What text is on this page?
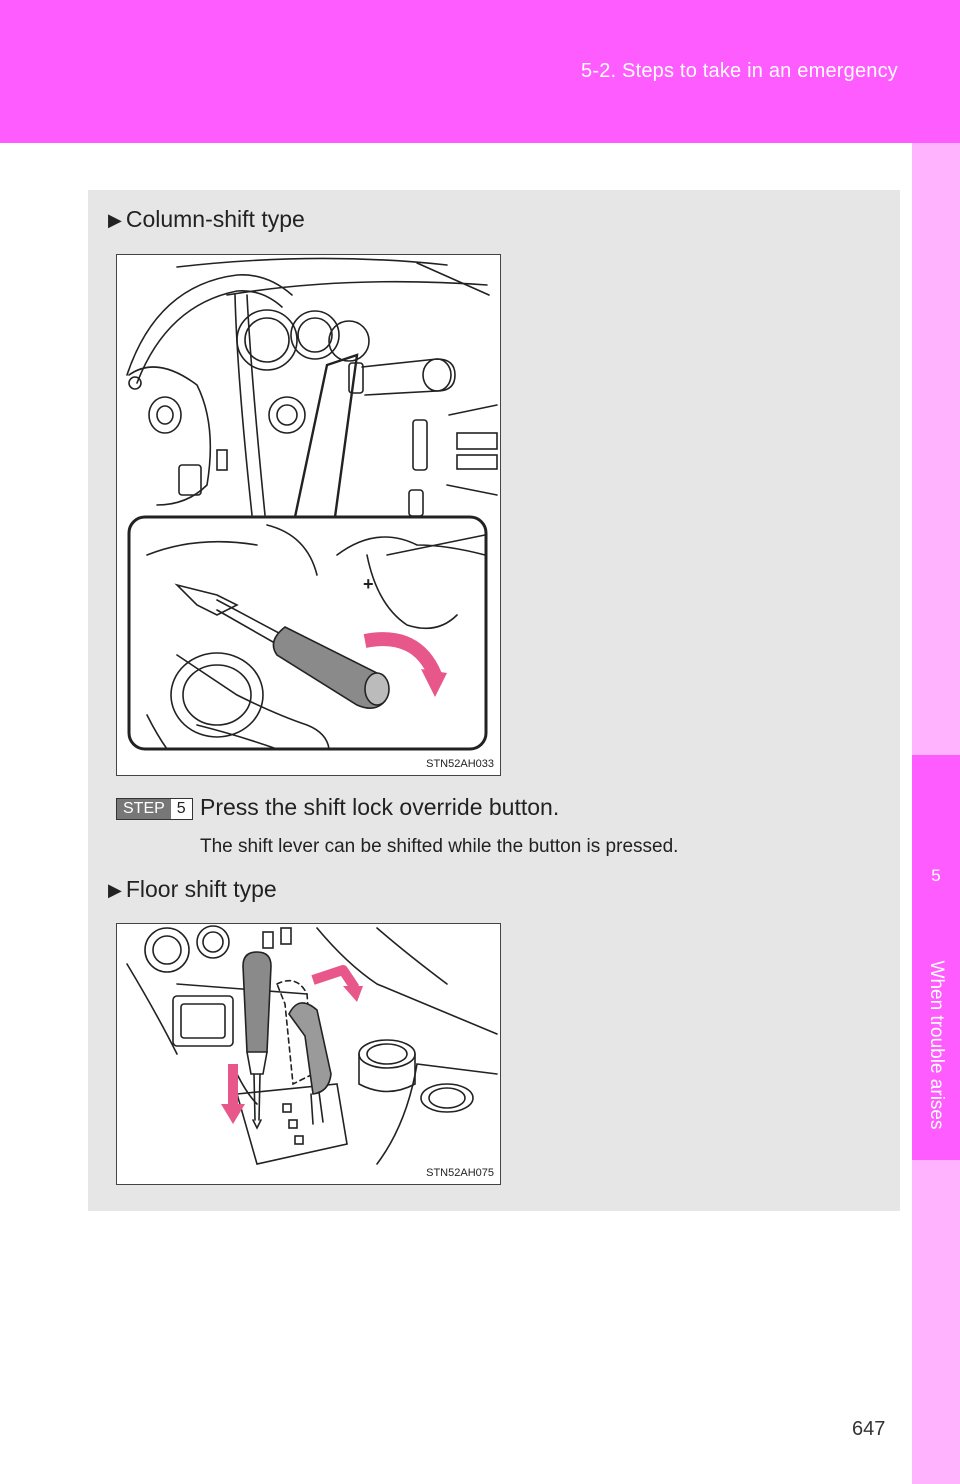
5-2. Steps to take in an emergency
5
When trouble arises
▶ Column-shift type
+
−
STN52AH033
STEP 5 Press the shift lock override button.
The shift lever can be shifted while the button is pressed.
▶ Floor shift type
STN52AH075
647
